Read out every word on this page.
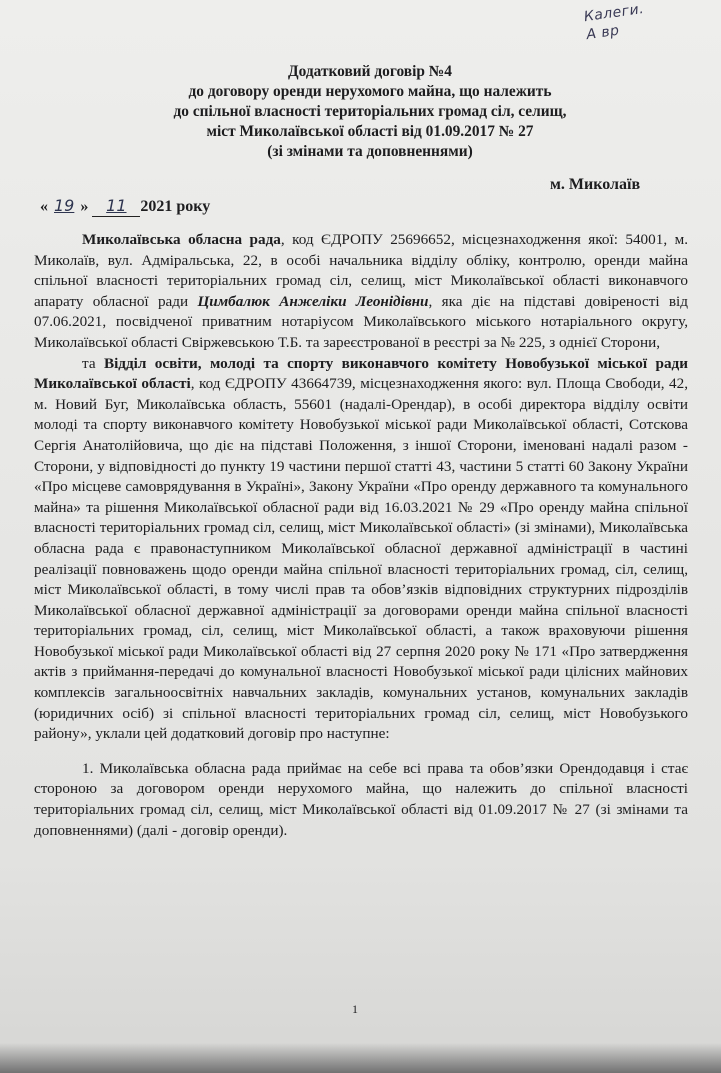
Калеги.
А вр
Додатковий договір №4
до договору оренди нерухомого майна, що належить
до спільної власності територіальних громад сіл, селищ,
міст Миколаївської області від 01.09.2017 № 27
(зі змінами та доповненнями)
м. Миколаїв
« 19 » 11 2021 року

Миколаївська обласна рада, код ЄДРОПУ 25696652, місцезнаходження якої: 54001, м. Миколаїв, вул. Адміральська, 22, в особі начальника відділу обліку, контролю, оренди майна спільної власності територіальних громад сіл, селищ, міст Миколаївської області виконавчого апарату обласної ради Цимбалюк Анжеліки Леонідівни, яка діє на підставі довіреності від 07.06.2021, посвідченої приватним нотаріусом Миколаївського міського нотаріального округу, Миколаївської області Свіржевською Т.Б. та зареєстрованої в реєстрі за № 225, з однієї Сторони,

та Відділ освіти, молоді та спорту виконавчого комітету Новобузької міської ради Миколаївської області, код ЄДРОПУ 43664739, місцезнаходження якого: вул. Площа Свободи, 42, м. Новий Буг, Миколаївська область, 55601 (надалі-Орендар), в особі директора відділу освіти молоді та спорту виконавчого комітету Новобузької міської ради Миколаївської області, Сотскова Сергія Анатолійовича, що діє на підставі Положення, з іншої Сторони, іменовані надалі разом - Сторони, у відповідності до пункту 19 частини першої статті 43, частини 5 статті 60 Закону України «Про місцеве самоврядування в Україні», Закону України «Про оренду державного та комунального майна» та рішення Миколаївської обласної ради від 16.03.2021 № 29 «Про оренду майна спільної власності територіальних громад сіл, селищ, міст Миколаївської області» (зі змінами), Миколаївська обласна рада є правонаступником Миколаївської обласної державної адміністрації в частині реалізації повноважень щодо оренди майна спільної власності територіальних громад, сіл, селищ, міст Миколаївської області, в тому числі прав та обов’язків відповідних структурних підрозділів Миколаївської обласної державної адміністрації за договорами оренди майна спільної власності територіальних громад, сіл, селищ, міст Миколаївської області, а також враховуючи рішення Новобузької міської ради Миколаївської області від 27 серпня 2020 року № 171 «Про затвердження актів з приймання-передачі до комунальної власності Новобузької міської ради цілісних майнових комплексів загальноосвітніх навчальних закладів, комунальних установ, комунальних закладів (юридичних осіб) зі спільної власності територіальних громад сіл, селищ, міст Новобузького району», уклали цей додатковий договір про наступне:

1. Миколаївська обласна рада приймає на себе всі права та обов’язки Орендодавця і стає стороною за договором оренди нерухомого майна, що належить до спільної власності територіальних громад сіл, селищ, міст Миколаївської області від 01.09.2017 № 27 (зі змінами та доповненнями) (далі - договір оренди).

1
